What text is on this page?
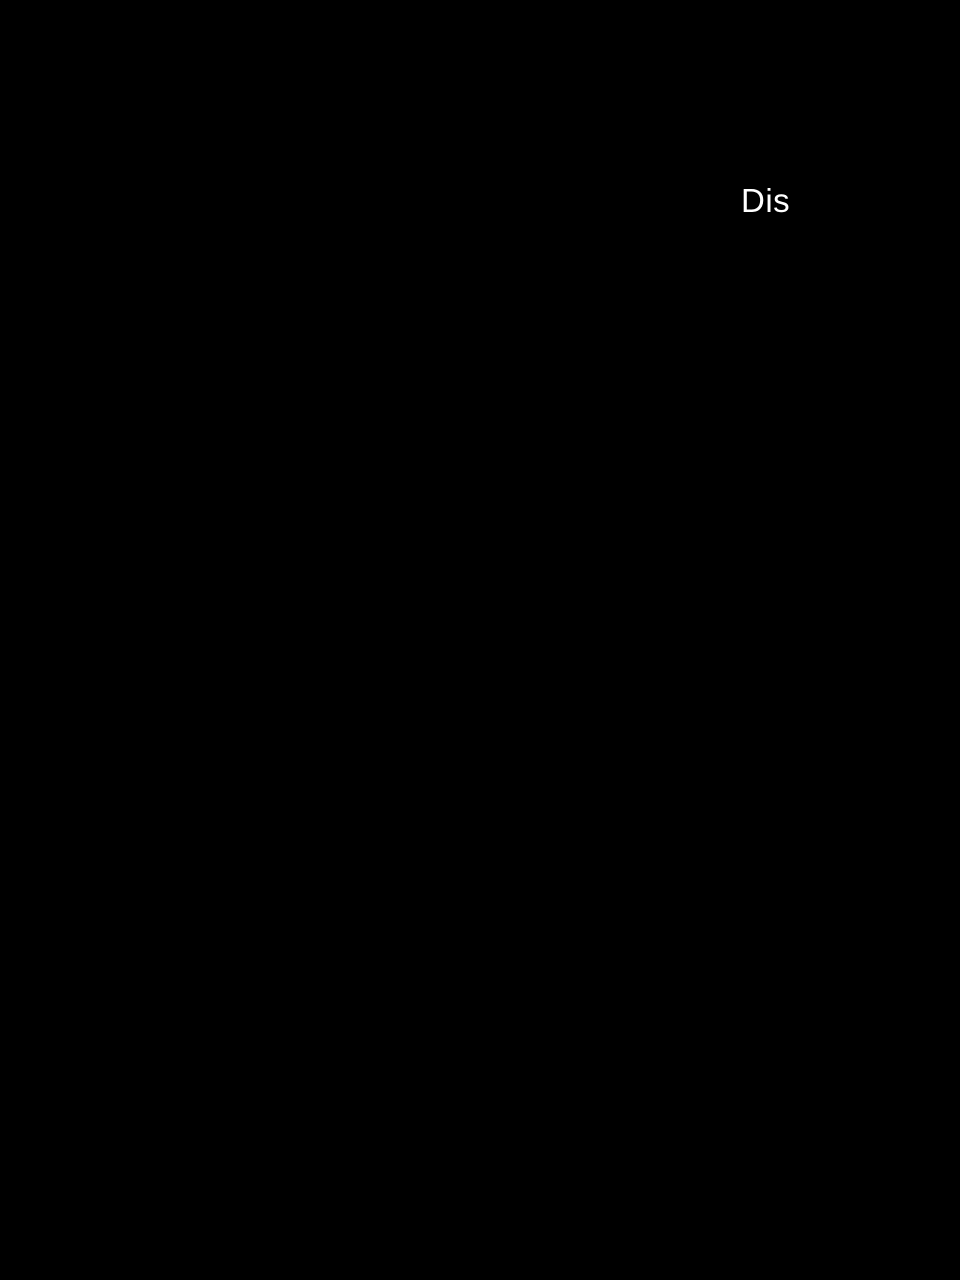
Dis
